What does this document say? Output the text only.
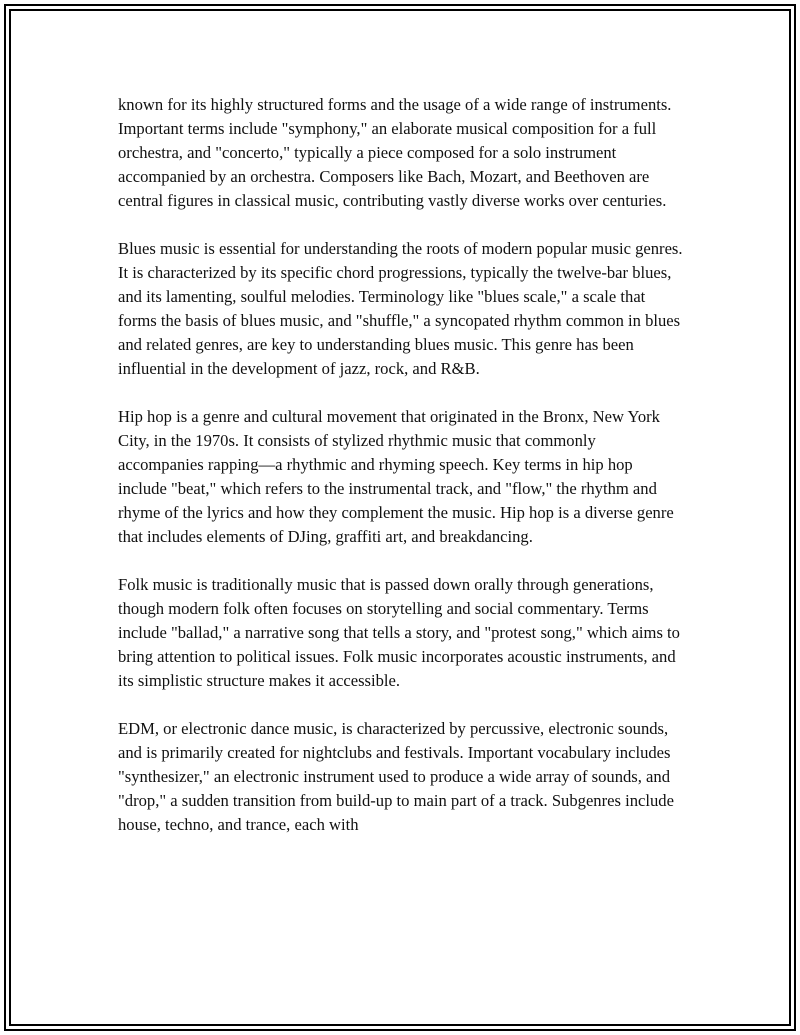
known for its highly structured forms and the usage of a wide range of instruments. Important terms include "symphony," an elaborate musical composition for a full orchestra, and "concerto," typically a piece composed for a solo instrument accompanied by an orchestra. Composers like Bach, Mozart, and Beethoven are central figures in classical music, contributing vastly diverse works over centuries.

Blues music is essential for understanding the roots of modern popular music genres. It is characterized by its specific chord progressions, typically the twelve-bar blues, and its lamenting, soulful melodies. Terminology like "blues scale," a scale that forms the basis of blues music, and "shuffle," a syncopated rhythm common in blues and related genres, are key to understanding blues music. This genre has been influential in the development of jazz, rock, and R&B.

Hip hop is a genre and cultural movement that originated in the Bronx, New York City, in the 1970s. It consists of stylized rhythmic music that commonly accompanies rapping—a rhythmic and rhyming speech. Key terms in hip hop include "beat," which refers to the instrumental track, and "flow," the rhythm and rhyme of the lyrics and how they complement the music. Hip hop is a diverse genre that includes elements of DJing, graffiti art, and breakdancing.

Folk music is traditionally music that is passed down orally through generations, though modern folk often focuses on storytelling and social commentary. Terms include "ballad," a narrative song that tells a story, and "protest song," which aims to bring attention to political issues. Folk music incorporates acoustic instruments, and its simplistic structure makes it accessible.

EDM, or electronic dance music, is characterized by percussive, electronic sounds, and is primarily created for nightclubs and festivals. Important vocabulary includes "synthesizer," an electronic instrument used to produce a wide array of sounds, and "drop," a sudden transition from build-up to main part of a track. Subgenres include house, techno, and trance, each with
